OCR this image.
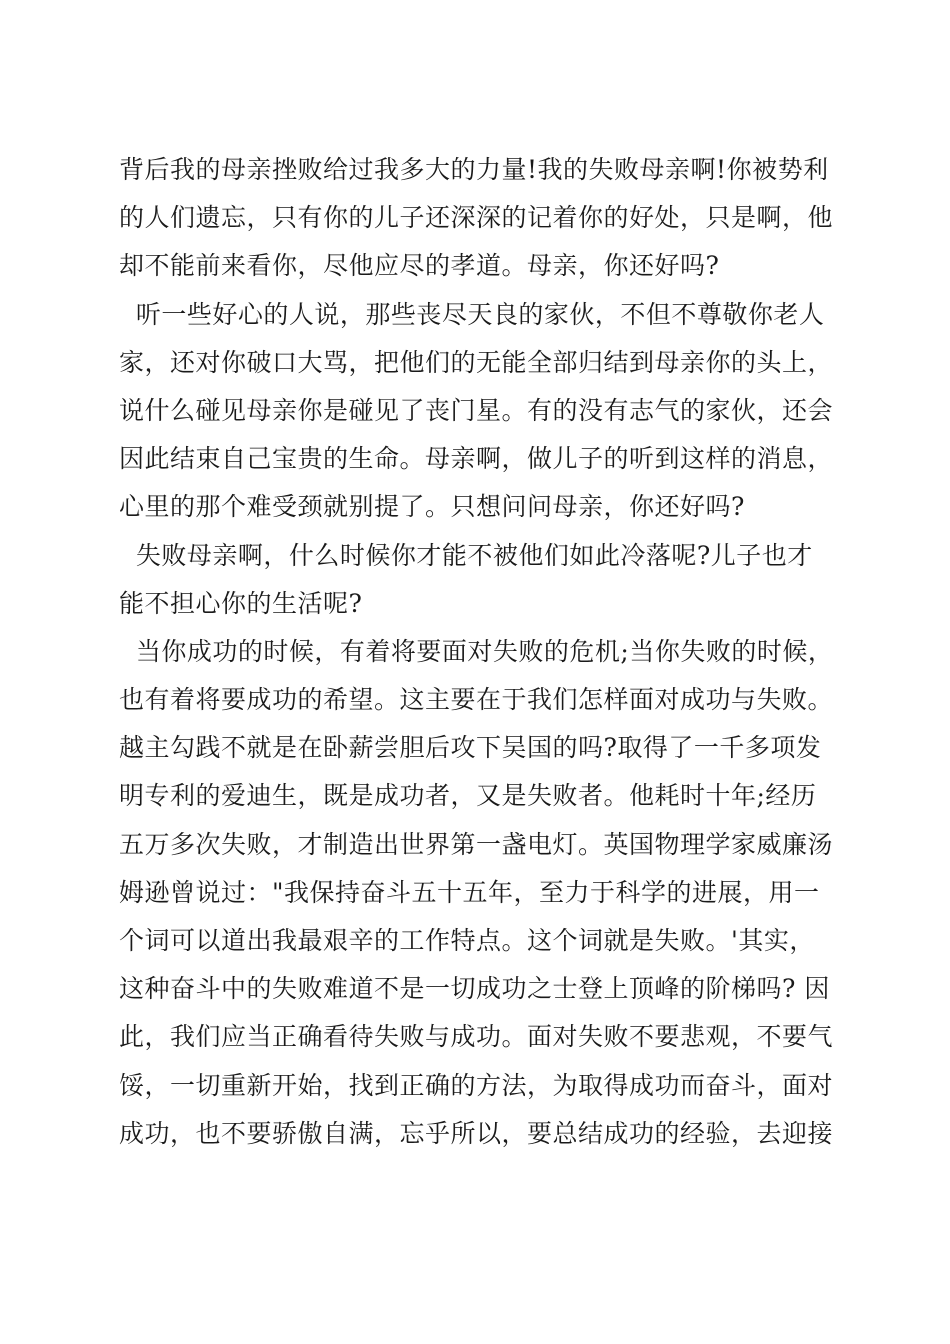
背后我的母亲挫败给过我多大的力量!我的失败母亲啊!你被势利
的人们遗忘，只有你的儿子还深深的记着你的好处，只是啊，他
却不能前来看你，尽他应尽的孝道。母亲，你还好吗?
听一些好心的人说，那些丧尽天良的家伙，不但不尊敬你老人
家，还对你破口大骂，把他们的无能全部归结到母亲你的头上，
说什么碰见母亲你是碰见了丧门星。有的没有志气的家伙，还会
因此结束自己宝贵的生命。母亲啊，做儿子的听到这样的消息，
心里的那个难受颈就别提了。只想问问母亲，你还好吗?
失败母亲啊，什么时候你才能不被他们如此冷落呢?儿子也才
能不担心你的生活呢?
当你成功的时候，有着将要面对失败的危机;当你失败的时候，
也有着将要成功的希望。这主要在于我们怎样面对成功与失败。
越主勾践不就是在卧薪尝胆后攻下吴国的吗?取得了一千多项发
明专利的爱迪生，既是成功者，又是失败者。他耗时十年;经历
五万多次失败，才制造出世界第一盏电灯。英国物理学家威廉汤
姆逊曾说过："我保持奋斗五十五年，至力于科学的进展，用一
个词可以道出我最艰辛的工作特点。这个词就是失败。'其实，
这种奋斗中的失败难道不是一切成功之士登上顶峰的阶梯吗? 因
此，我们应当正确看待失败与成功。面对失败不要悲观，不要气
馁，一切重新开始，找到正确的方法，为取得成功而奋斗，面对
成功，也不要骄傲自满，忘乎所以，要总结成功的经验，去迎接
